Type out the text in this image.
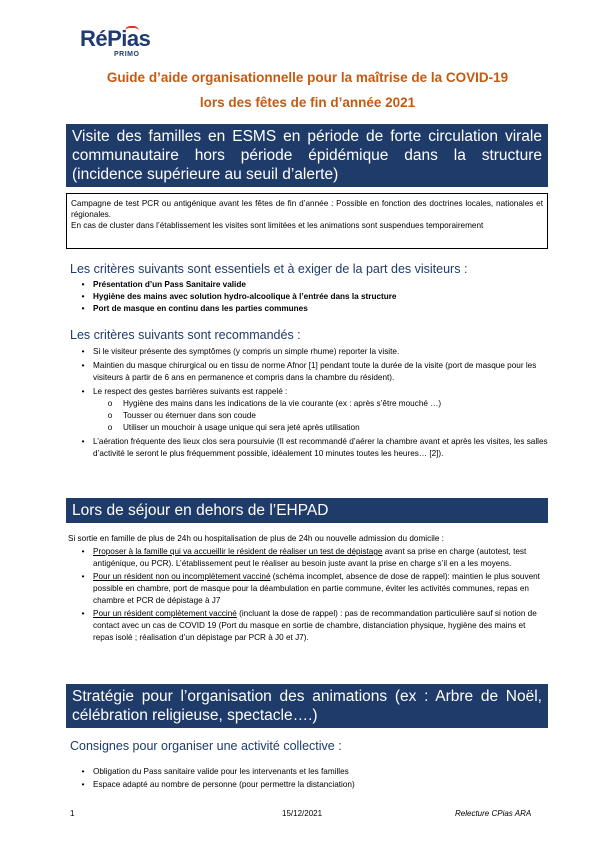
RéPias
PRIMO
Guide d’aide organisationnelle pour la maîtrise de la COVID-19
lors des fêtes de fin d’année 2021
Visite des familles en ESMS en période de forte circulation virale communautaire hors période épidémique dans la structure (incidence supérieure au seuil d’alerte)
Campagne de test PCR ou antigénique avant les fêtes de fin d’année : Possible en fonction des doctrines locales, nationales et régionales.
En cas de cluster dans l’établissement les visites sont limitées et les animations sont suspendues temporairement
Les critères suivants sont essentiels et à exiger de la part des visiteurs :
•	Présentation d’un Pass Sanitaire valide
•	Hygiène des mains avec solution hydro-alcoolique à l’entrée dans la structure
•	Port de masque en continu dans les parties communes
Les critères suivants sont recommandés :
•	Si le visiteur présente des symptômes (y compris un simple rhume) reporter la visite.
•	Maintien du masque chirurgical ou en tissu de norme Afnor [1] pendant toute la durée de la visite (port de masque pour les visiteurs à partir de 6 ans en permanence et compris dans la chambre du résident).
•	Le respect des gestes barrières suivants est rappelé :
o	Hygiène des mains dans les indications de la vie courante (ex : après s’être mouché …)
o	Tousser ou éternuer dans son coude
o	Utiliser un mouchoir à usage unique qui sera jeté après utilisation
•	L’aération fréquente des lieux clos sera poursuivie (Il est recommandé d’aérer la chambre avant et après les visites, les salles d’activité le seront le plus fréquemment possible, idéalement 10 minutes toutes les heures… [2]).
Lors de séjour en dehors de l’EHPAD
Si sortie en famille de plus de 24h ou hospitalisation de plus de 24h ou nouvelle admission du domicile :
•	Proposer à la famille qui va accueillir le résident de réaliser un test de dépistage avant sa prise en charge (autotest, test antigénique, ou PCR). L’établissement peut le réaliser au besoin juste avant la prise en charge s’il en a les moyens.
•	Pour un résident non ou incomplètement vacciné (schéma incomplet, absence de dose de rappel): maintien le plus souvent possible en chambre, port de masque pour la déambulation en partie commune, éviter les activités communes, repas en chambre et PCR de dépistage à J7
•	Pour un résident complètement vacciné (incluant la dose de rappel) : pas de recommandation particulière sauf si notion de contact avec un cas de COVID 19 (Port du masque en sortie de chambre, distanciation physique, hygiène des mains et repas isolé ; réalisation d’un dépistage par PCR à J0 et J7).
Stratégie pour l’organisation des animations (ex : Arbre de Noël, célébration religieuse, spectacle….)
Consignes pour organiser une activité collective :
•	Obligation du Pass sanitaire valide pour les intervenants et les familles
•	Espace adapté au nombre de personne (pour permettre la distanciation)
1	15/12/2021	Relecture CPias ARA
